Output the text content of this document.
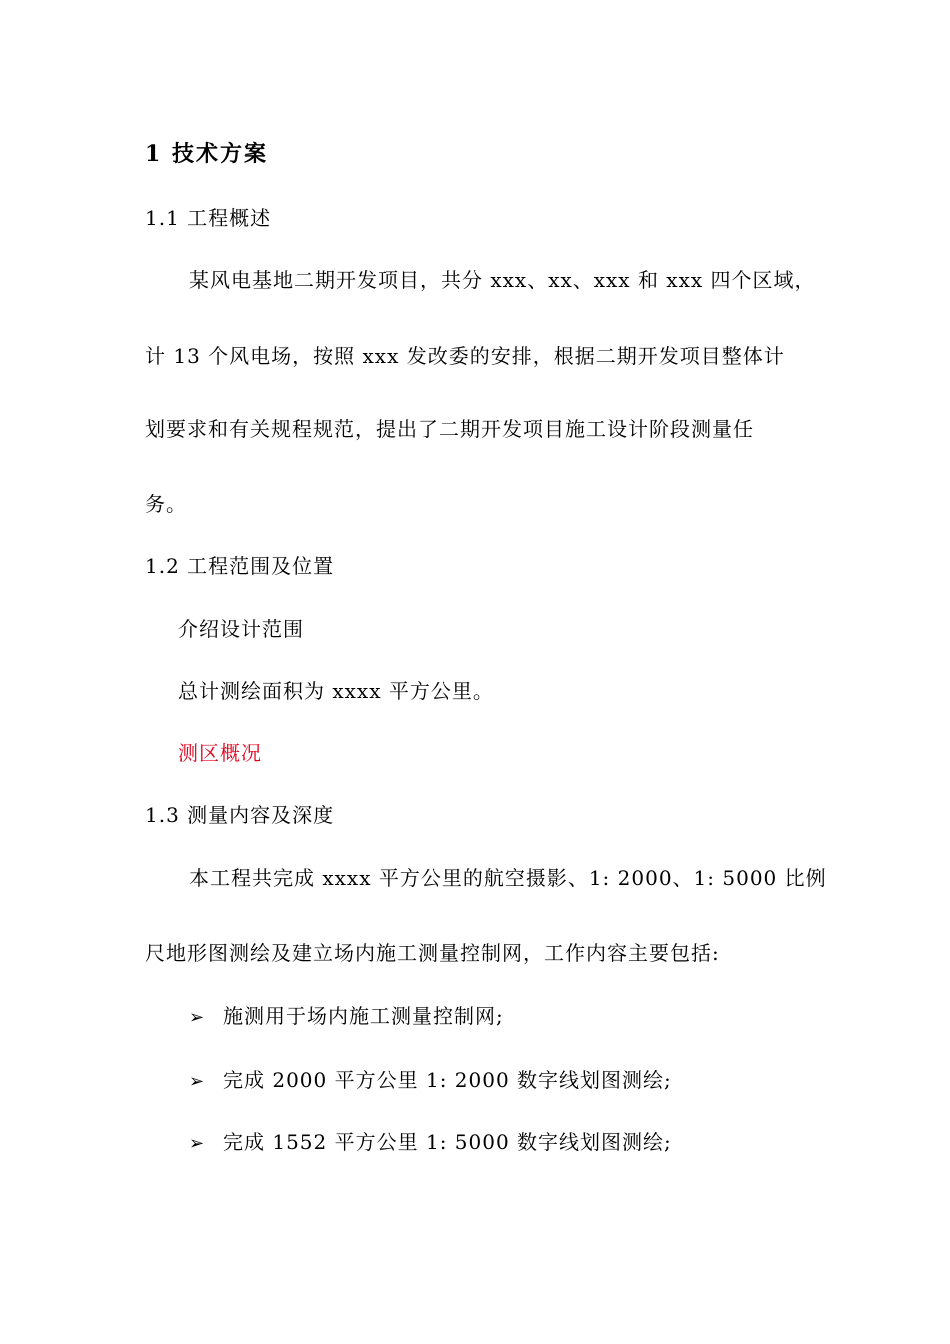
1 技术方案
1.1 工程概述
某风电基地二期开发项目，共分 xxx、xx、xxx 和 xxx 四个区域，
计 13 个风电场，按照 xxx 发改委的安排，根据二期开发项目整体计
划要求和有关规程规范，提出了二期开发项目施工设计阶段测量任
务。
1.2 工程范围及位置
介绍设计范围
总计测绘面积为 xxxx 平方公里。
测区概况
1.3 测量内容及深度
本工程共完成 xxxx 平方公里的航空摄影、1: 2000、1: 5000 比例
尺地形图测绘及建立场内施工测量控制网，工作内容主要包括:
➢ 施测用于场内施工测量控制网;
➢ 完成 2000 平方公里 1: 2000 数字线划图测绘;
➢ 完成 1552 平方公里 1: 5000 数字线划图测绘;
